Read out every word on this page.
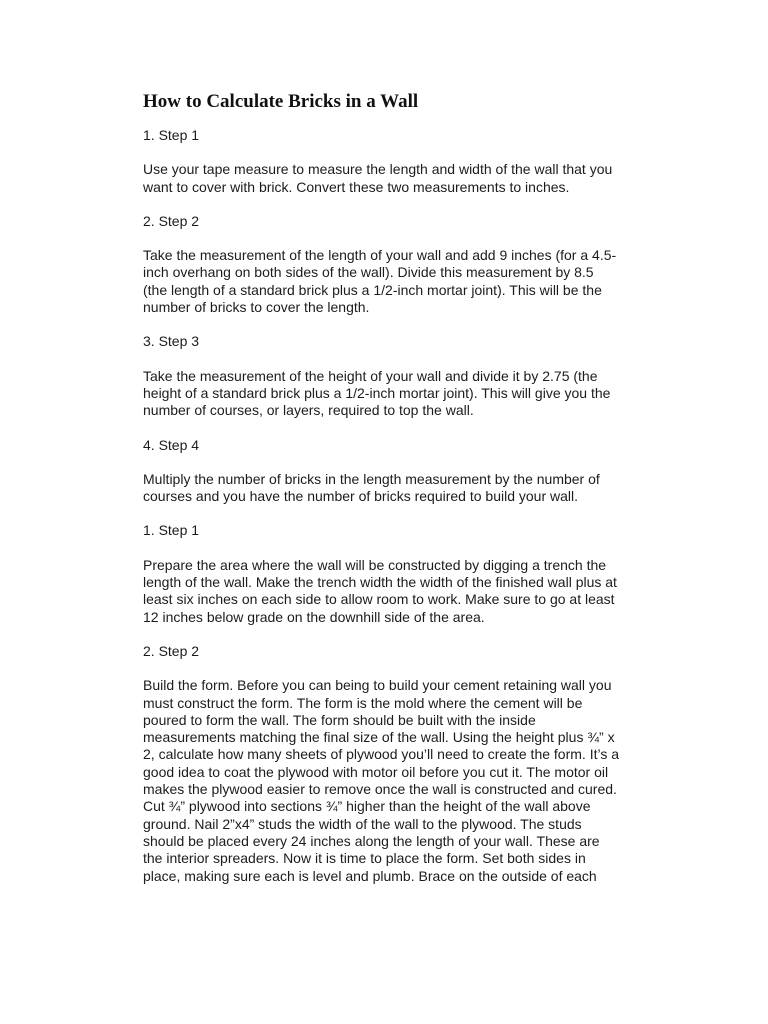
How to Calculate Bricks in a Wall

1. Step 1

Use your tape measure to measure the length and width of the wall that you
want to cover with brick. Convert these two measurements to inches.

2. Step 2

Take the measurement of the length of your wall and add 9 inches (for a 4.5-
inch overhang on both sides of the wall). Divide this measurement by 8.5
(the length of a standard brick plus a 1/2-inch mortar joint). This will be the
number of bricks to cover the length.

3. Step 3

Take the measurement of the height of your wall and divide it by 2.75 (the
height of a standard brick plus a 1/2-inch mortar joint). This will give you the
number of courses, or layers, required to top the wall.

4. Step 4

Multiply the number of bricks in the length measurement by the number of
courses and you have the number of bricks required to build your wall.

1. Step 1

Prepare the area where the wall will be constructed by digging a trench the
length of the wall. Make the trench width the width of the finished wall plus at
least six inches on each side to allow room to work. Make sure to go at least
12 inches below grade on the downhill side of the area.

2. Step 2

Build the form. Before you can being to build your cement retaining wall you
must construct the form. The form is the mold where the cement will be
poured to form the wall. The form should be built with the inside
measurements matching the final size of the wall. Using the height plus ¾” x
2, calculate how many sheets of plywood you’ll need to create the form. It’s a
good idea to coat the plywood with motor oil before you cut it. The motor oil
makes the plywood easier to remove once the wall is constructed and cured.
Cut ¾” plywood into sections ¾” higher than the height of the wall above
ground. Nail 2”x4” studs the width of the wall to the plywood. The studs
should be placed every 24 inches along the length of your wall. These are
the interior spreaders. Now it is time to place the form. Set both sides in
place, making sure each is level and plumb. Brace on the outside of each
